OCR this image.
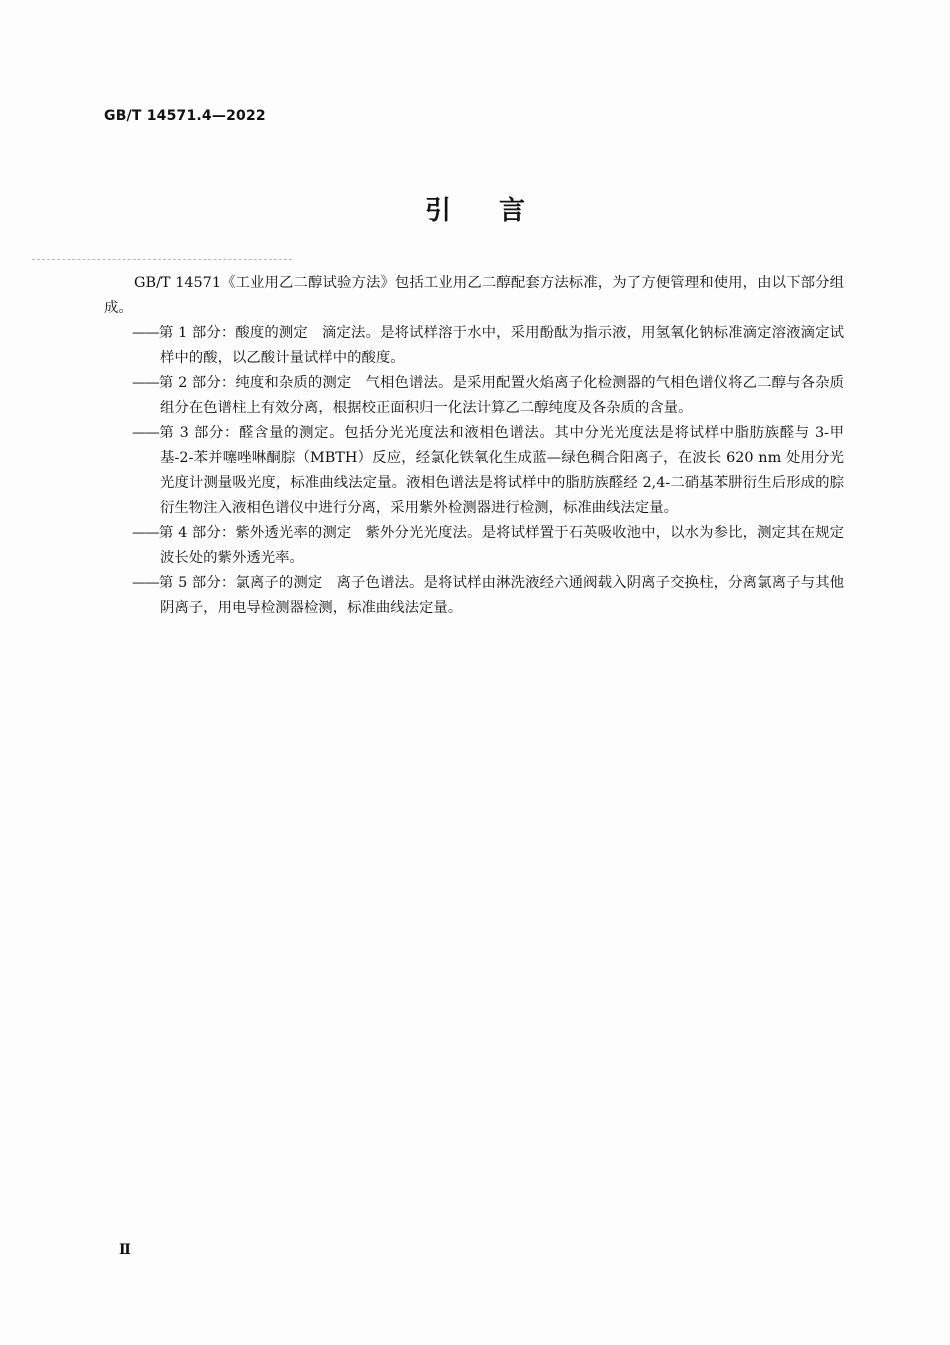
GB/T 14571.4—2022
引言

GB/T 14571《工业用乙二醇试验方法》包括工业用乙二醇配套方法标准，为了方便管理和使用，由以下部分组成。

——第 1 部分：酸度的测定 滴定法。是将试样溶于水中，采用酚酞为指示液，用氢氧化钠标准滴定溶液滴定试样中的酸，以乙酸计量试样中的酸度。

——第 2 部分：纯度和杂质的测定 气相色谱法。是采用配置火焰离子化检测器的气相色谱仪将乙二醇与各杂质组分在色谱柱上有效分离，根据校正面积归一化法计算乙二醇纯度及各杂质的含量。

——第 3 部分：醛含量的测定。包括分光光度法和液相色谱法。其中分光光度法是将试样中脂肪族醛与 3-甲基-2-苯并噻唑啉酮腙（MBTH）反应，经氯化铁氧化生成蓝—绿色稠合阳离子，在波长 620 nm 处用分光光度计测量吸光度，标准曲线法定量。液相色谱法是将试样中的脂肪族醛经 2,4-二硝基苯肼衍生后形成的腙衍生物注入液相色谱仪中进行分离，采用紫外检测器进行检测，标准曲线法定量。

——第 4 部分：紫外透光率的测定 紫外分光光度法。是将试样置于石英吸收池中，以水为参比，测定其在规定波长处的紫外透光率。

——第 5 部分：氯离子的测定 离子色谱法。是将试样由淋洗液经六通阀载入阴离子交换柱，分离氯离子与其他阴离子，用电导检测器检测，标准曲线法定量。

Ⅱ
